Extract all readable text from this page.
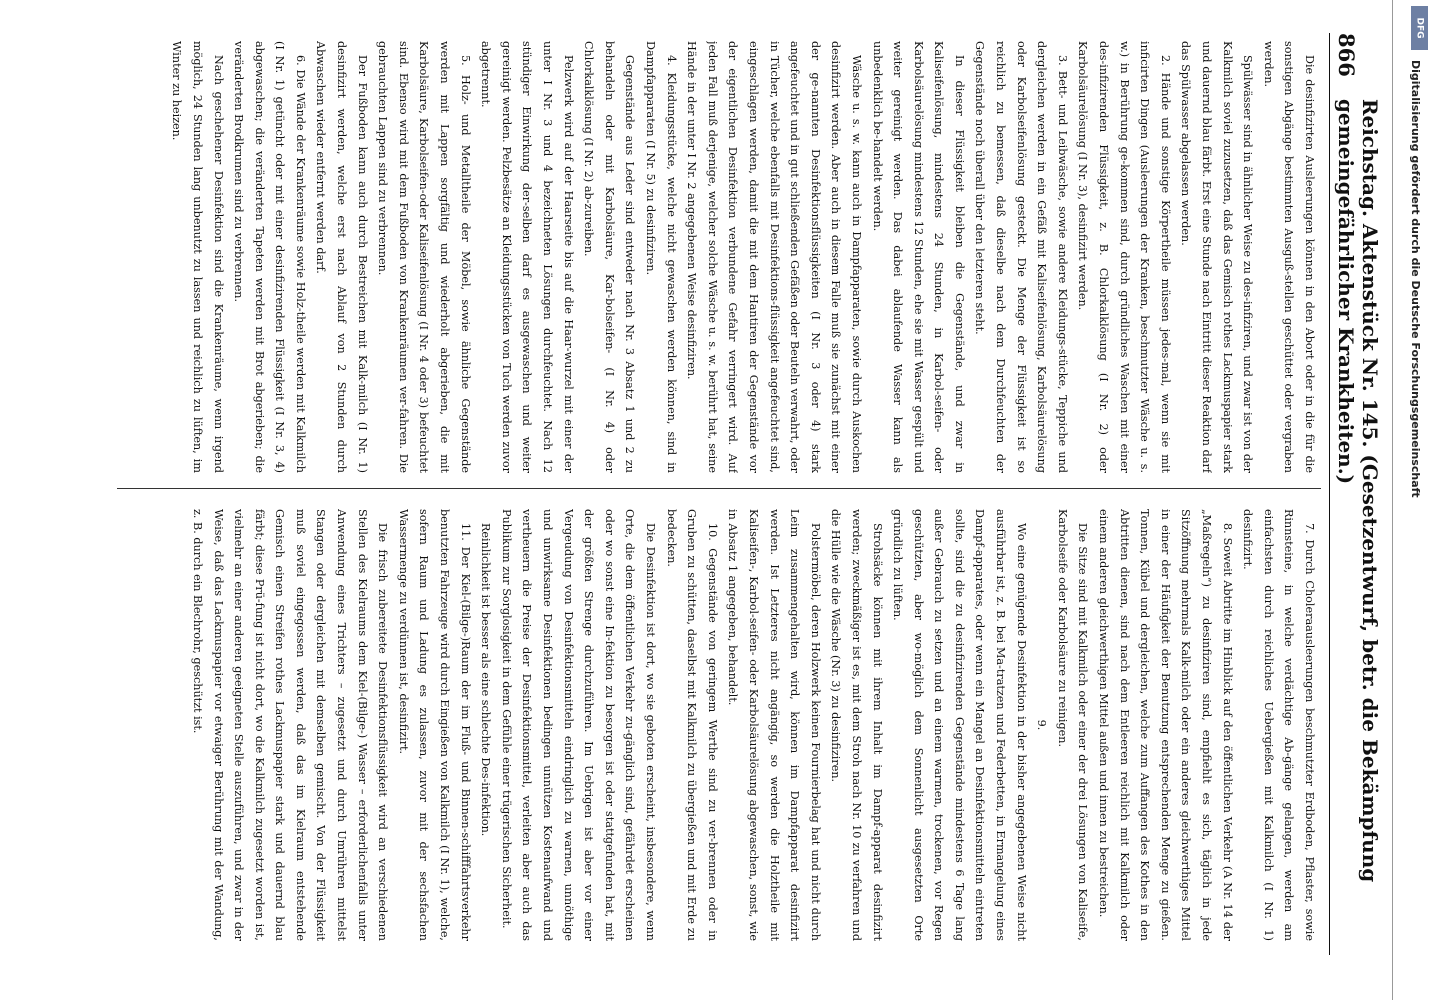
866
Reichstag. Aktenstück Nr. 145. (Gesetzentwurf, betr. die Bekämpfung gemeingefährlicher Krankheiten.)

Die desinfizirten Ausleerungen können in den Abort oder in die für die sonstigen Abgänge bestimmten Ausguß-stellen geschüttet oder vergraben werden.

Spülwässer sind in ähnlicher Weise zu des-infiziren, und zwar ist von der Kalkmilch soviel zuzusetzen, daß das Gemisch rothes Lackmuspapier stark und dauernd blau färbt. Erst eine Stunde nach Eintritt dieser Reaktion darf das Spülwasser abgelassen werden.

2. Hände und sonstige Körpertheile müssen jedes-mal, wenn sie mit inficirten Dingen (Ausleerungen der Kranken, beschmutzter Wäsche u. s. w.) in Berührung ge-kommen sind, durch gründliches Waschen mit einer des-infizirenden Flüssigkeit, z. B. Chlorkalklösung (I Nr. 2) oder Karbolsäurelösung (I Nr. 3), desinfizirt werden.

3. Bett- und Leibwäsche, sowie andere Kleidungs-stücke, Teppiche und dergleichen werden in ein Gefäß mit Kaliseifenlösung, Karbolsäurelösung oder Karbolseifenlösung gesteckt. Die Menge der Flüssigkeit ist so reichlich zu bemessen, daß dieselbe nach dem Durchfeuchten der Gegenstände noch überall über den letzteren steht.

In dieser Flüssigkeit bleiben die Gegenstände, und zwar in Kaliseifenlösung, mindestens 24 Stunden, in Karbol-seifen- oder Karbolsäurelösung mindestens 12 Stunden, ehe sie mit Wasser gespült und weiter gereinigt werden. Das dabei ablaufende Wasser kann als unbedenklich be-handelt werden.

Wäsche u. s. w. kann auch in Dampfapparaten, sowie durch Auskochen desinfizirt werden. Aber auch in diesem Falle muß sie zunächst mit einer der ge-nannten Desinfektionsflüssigkeiten (I Nr. 3 oder 4) stark angefeuchtet und in gut schließenden Gefäßen oder Beuteln verwahrt, oder in Tücher, welche ebenfalls mit Desinfektions-flüssigkeit angefeuchtet sind, eingeschlagen werden, damit die mit dem Hantiren der Gegenstände vor der eigentlichen Desinfektion verbundene Gefahr verringert wird. Auf jeden Fall muß derjenige, welcher solche Wäsche u. s. w. berührt hat, seine Hände in der unter I Nr. 2 angegebenen Weise desinfiziren.

4. Kleidungsstücke, welche nicht gewaschen werden können, sind in Dampfapparaten (I Nr. 5) zu desinfiziren.

Gegenstände aus Leder sind entweder nach Nr. 3 Absatz 1 und 2 zu behandeln oder mit Karbolsäure, Kar-bolseifen- (I Nr. 4) oder Chlorkalklösung (I Nr. 2) ab-zureiben.

Pelzwerk wird auf der Haarseite bis auf die Haar-wurzel mit einer der unter I Nr. 3 und 4 bezeichneten Lösungen durchfeuchtet. Nach 12 stündiger Einwirkung der-selben darf es ausgewaschen und weiter gereinigt werden. Pelzbesätze an Kleidungsstücken von Tuch werden zuvor abgetrennt.

5. Holz- und Metalltheile der Möbel, sowie ähnliche Gegenstände werden mit Lappen sorgfältig und wiederholt abgerieben, die mit Karbolsäure, Karbolseifen-oder Kaliseifenlösung (I Nr. 4 oder 3) befeuchtet sind. Ebenso wird mit dem Fußboden von Krankenräumen ver-fahren. Die gebrauchten Lappen sind zu verbrennen.

Der Fußboden kann auch durch Bestreichen mit Kalk-milch (I Nr. 1) desinfizirt werden, welche erst nach Ablauf von 2 Stunden durch Abwaschen wieder entfernt werden darf.

6. Die Wände der Krankenräume sowie Holz-theile werden mit Kalkmilch (I Nr. 1) getüncht oder mit einer desinfizirenden Flüssigkeit (I Nr. 3, 4) abgewaschen; die veränderten Tapeten werden mit Brot abgerieben; die veränderten Brodkrumen sind zu verbrennen.

Nach geschehener Desinfektion sind die Krankenräume, wenn irgend möglich, 24 Stunden lang unbenutzt zu lassen und reichlich zu lüften, im Winter zu heizen.

7. Durch Choleraausleerungen beschmutzter Erdboden, Pflaster, sowie Rinnsteine, in welche verdächtige Ab-gänge gelangen, werden am einfachsten durch reichliches Uebergießen mit Kalkmilch (I Nr. 1) desinfizirt.

8. Soweit Abtritte im Hinblick auf den öffentlichen Verkehr (A Nr. 14 der „Maßregeln“) zu desinfiziren sind, empfiehlt es sich, täglich in jede Sitzöffnung mehrmals Kalk-milch oder ein anderes gleichwerthiges Mittel in einer der Häufigkeit der Benutzung entsprechenden Menge zu gießen. Tonnen, Kübel und dergleichen, welche zum Auffangen des Kothes in den Abtritten dienen, sind nach dem Entleeren reichlich mit Kalkmilch oder einem anderen gleichwerthigen Mittel außen und innen zu bestreichen.

Die Sitze sind mit Kalkmilch oder einer der drei Lösungen von Kaliseife, Karbolseife oder Karbolsäure zu reinigen.

9.

Wo eine genügende Desinfektion in der bisher angegebenen Weise nicht ausführbar ist, z. B. bei Ma-tratzen und Federbetten, in Ermangelung eines Dampf-apparates, oder wenn ein Mangel an Desinfektionsmitteln eintreten sollte, sind die zu desinfizirenden Gegenstände mindestens 6 Tage lang außer Gebrauch zu setzen und an einem warmen, trockenen, vor Regen geschützten, aber wo-möglich dem Sonnenlicht ausgesetzten Orte gründlich zu lüften.

Strohsäcke können mit ihrem Inhalt im Dampf-apparat desinfizirt werden; zweckmäßiger ist es, mit dem Stroh nach Nr. 10 zu verfahren und die Hülle wie die Wäsche (Nr. 3) zu desinfiziren.

Polstermöbel, deren Holzwerk keinen Fournierbelag hat und nicht durch Leim zusammengehalten wird, können im Dampfapparat desinfizirt werden. Ist Letzteres nicht angängig, so werden die Holztheile mit Kaliseifen-, Karbol-seifen- oder Karbolsäurelösung abgewaschen, sonst, wie in Absatz 1 angegeben, behandelt.

10. Gegenstände von geringem Werthe sind zu ver-brennen oder in Gruben zu schütten, daselbst mit Kalkmilch zu übergießen und mit Erde zu bedecken.

Die Desinfektion ist dort, wo sie geboten erscheint, insbesondere, wenn Orte, die dem öffentlichen Verkehr zu-gänglich sind, gefährdet erscheinen oder wo sonst eine In-fektion zu besorgen ist oder stattgefunden hat, mit der größten Strenge durchzuführen. Im Uebrigen ist aber vor einer Vergeudung von Desinfektionsmitteln eindringlich zu warnen, unnöthige und unwirksame Desinfektionen bedingen unnützen Kostenaufwand und vertheuern die Preise der Desinfektionsmittel, verleiten aber auch das Publikum zur Sorglosigkeit in dem Gefühle einer trügerischen Sicherheit.

Reinlichkeit ist besser als eine schlechte Des-infektion.

11. Der Kiel-(Bilge-)Raum der im Fluß- und Binnen-schifffahrtsverkehr benutzten Fahrzeuge wird durch Eingießen von Kalkmilch (I Nr. 1), welche, sofern Raum und Ladung es zulassen, zuvor mit der sechsfachen Wassermenge zu verdünnen ist, desinfizirt.

Die frisch zubereitete Desinfektionsflüssigkeit wird an verschiedenen Stellen des Kielraums dem Kiel-(Bilge-) Wasser – erforderlichenfalls unter Anwendung eines Trichters – zugesetzt und durch Umrühren mittelst Stangen oder dergleichen mit demselben gemischt. Von der Flüssigkeit muß soviel eingegossen werden, daß das im Kielraum entstehende Gemisch einen Streifen rothes Lackmuspapier stark und dauernd blau färbt; diese Prü-fung ist nicht dort, wo die Kalkmilch zugesetzt worden ist, vielmehr an einer anderen geeigneten Stelle auszuführen, und zwar in der Weise, daß das Lackmuspapier vor etwaiger Berührung mit der Wandung, z. B. durch ein Blechrohr, geschützt ist.

Digitalisierung gefördert durch die Deutsche Forschungsgemeinschaft
DFG
